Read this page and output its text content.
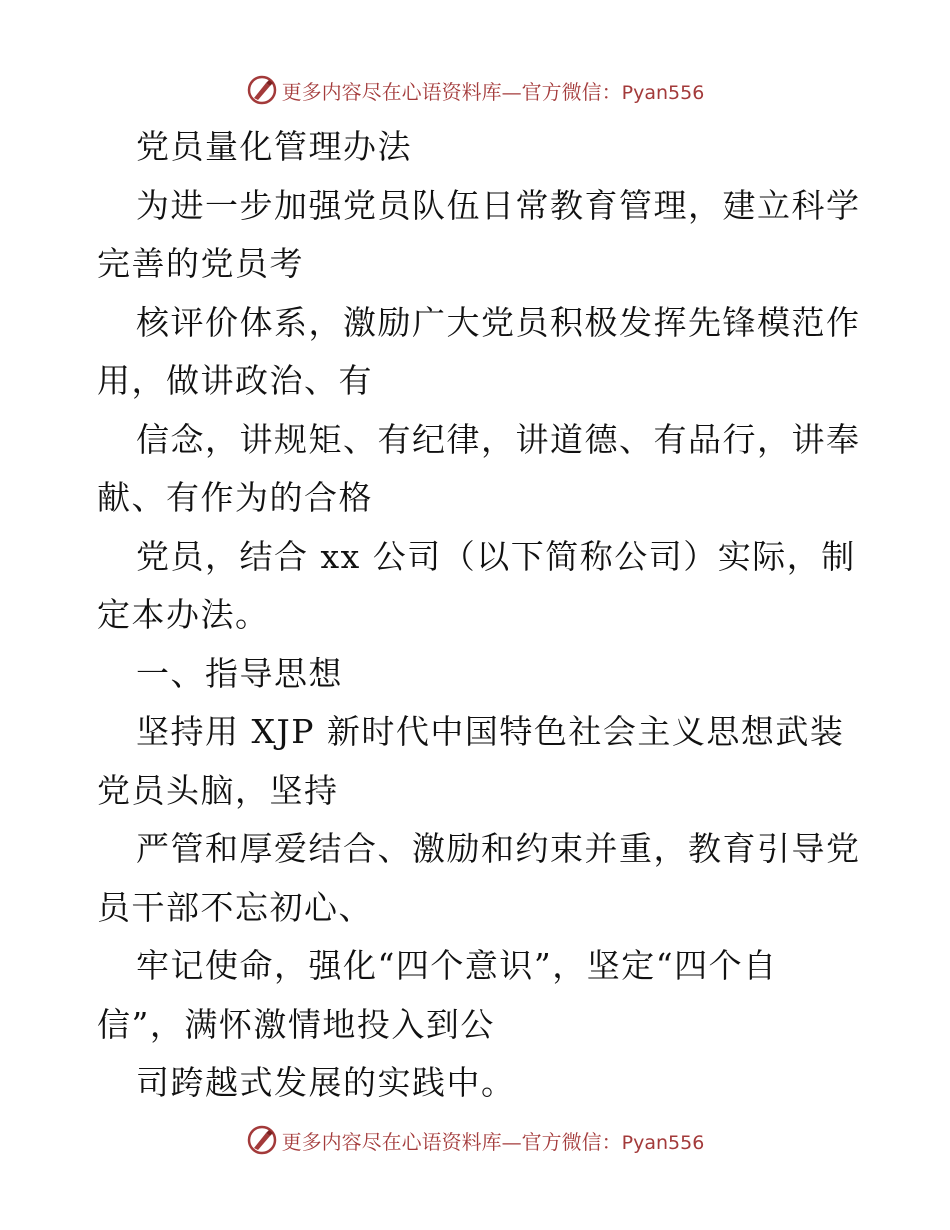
更多内容尽在心语资料库—官方微信：Pyan556
党员量化管理办法
为进一步加强党员队伍日常教育管理，建立科学
完善的党员考
核评价体系，激励广大党员积极发挥先锋模范作
用，做讲政治、有
信念，讲规矩、有纪律，讲道德、有品行，讲奉
献、有作为的合格
党员，结合 xx 公司（以下简称公司）实际，制
定本办法。
一、指导思想
坚持用 XJP 新时代中国特色社会主义思想武装
党员头脑，坚持
严管和厚爱结合、激励和约束并重，教育引导党
员干部不忘初心、
牢记使命，强化“四个意识”，坚定“四个自
信”，满怀激情地投入到公
司跨越式发展的实践中。
更多内容尽在心语资料库—官方微信：Pyan556
